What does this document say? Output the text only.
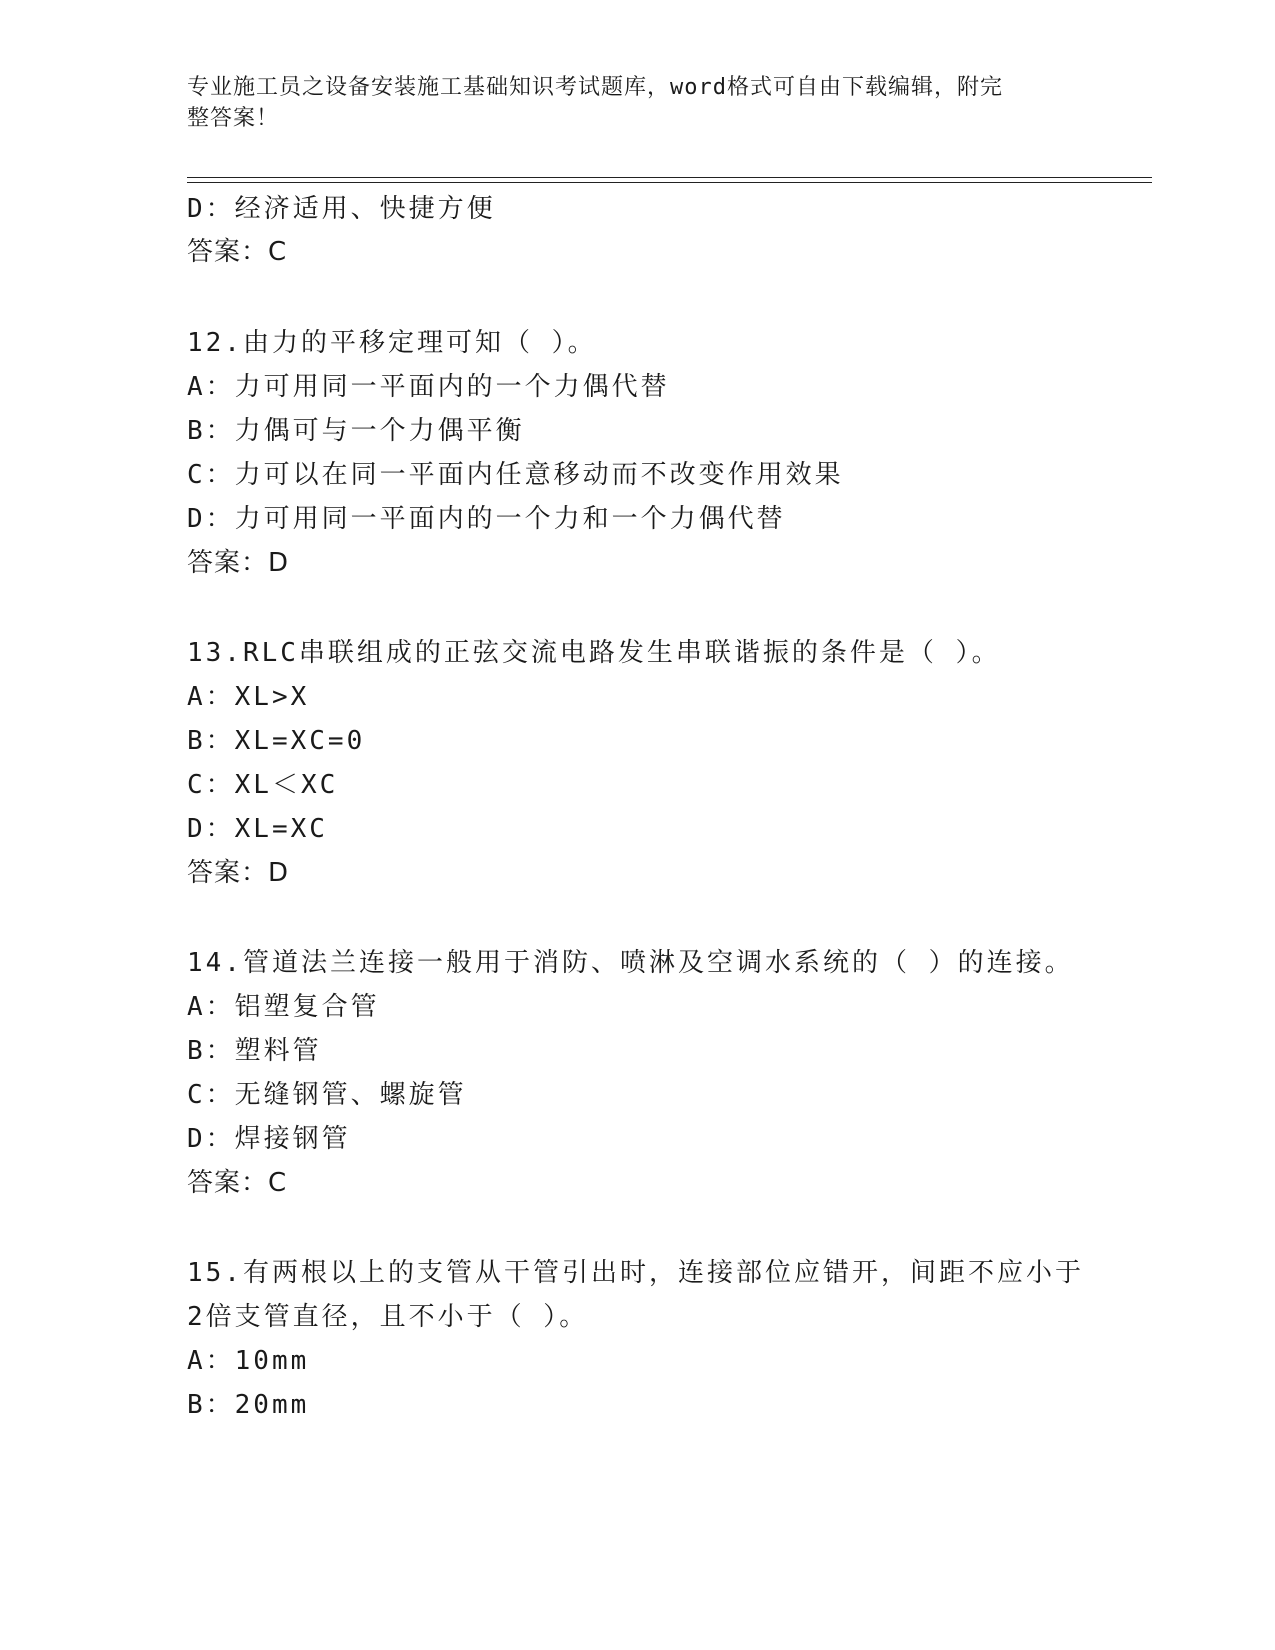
专业施工员之设备安装施工基础知识考试题库，word格式可自由下载编辑，附完
整答案！
D：经济适用、快捷方便
答案：C
12.由力的平移定理可知（ ）。
A：力可用同一平面内的一个力偶代替
B：力偶可与一个力偶平衡
C：力可以在同一平面内任意移动而不改变作用效果
D：力可用同一平面内的一个力和一个力偶代替
答案：D
13.RLC串联组成的正弦交流电路发生串联谐振的条件是（ ）。
A：XL>X
B：XL=XC=0
C：XL＜XC
D：XL=XC
答案：D
14.管道法兰连接一般用于消防、喷淋及空调水系统的（ ）的连接。
A：铝塑复合管
B：塑料管
C：无缝钢管、螺旋管
D：焊接钢管
答案：C
15.有两根以上的支管从干管引出时，连接部位应错开，间距不应小于
2倍支管直径，且不小于（ ）。
A：10mm
B：20mm
